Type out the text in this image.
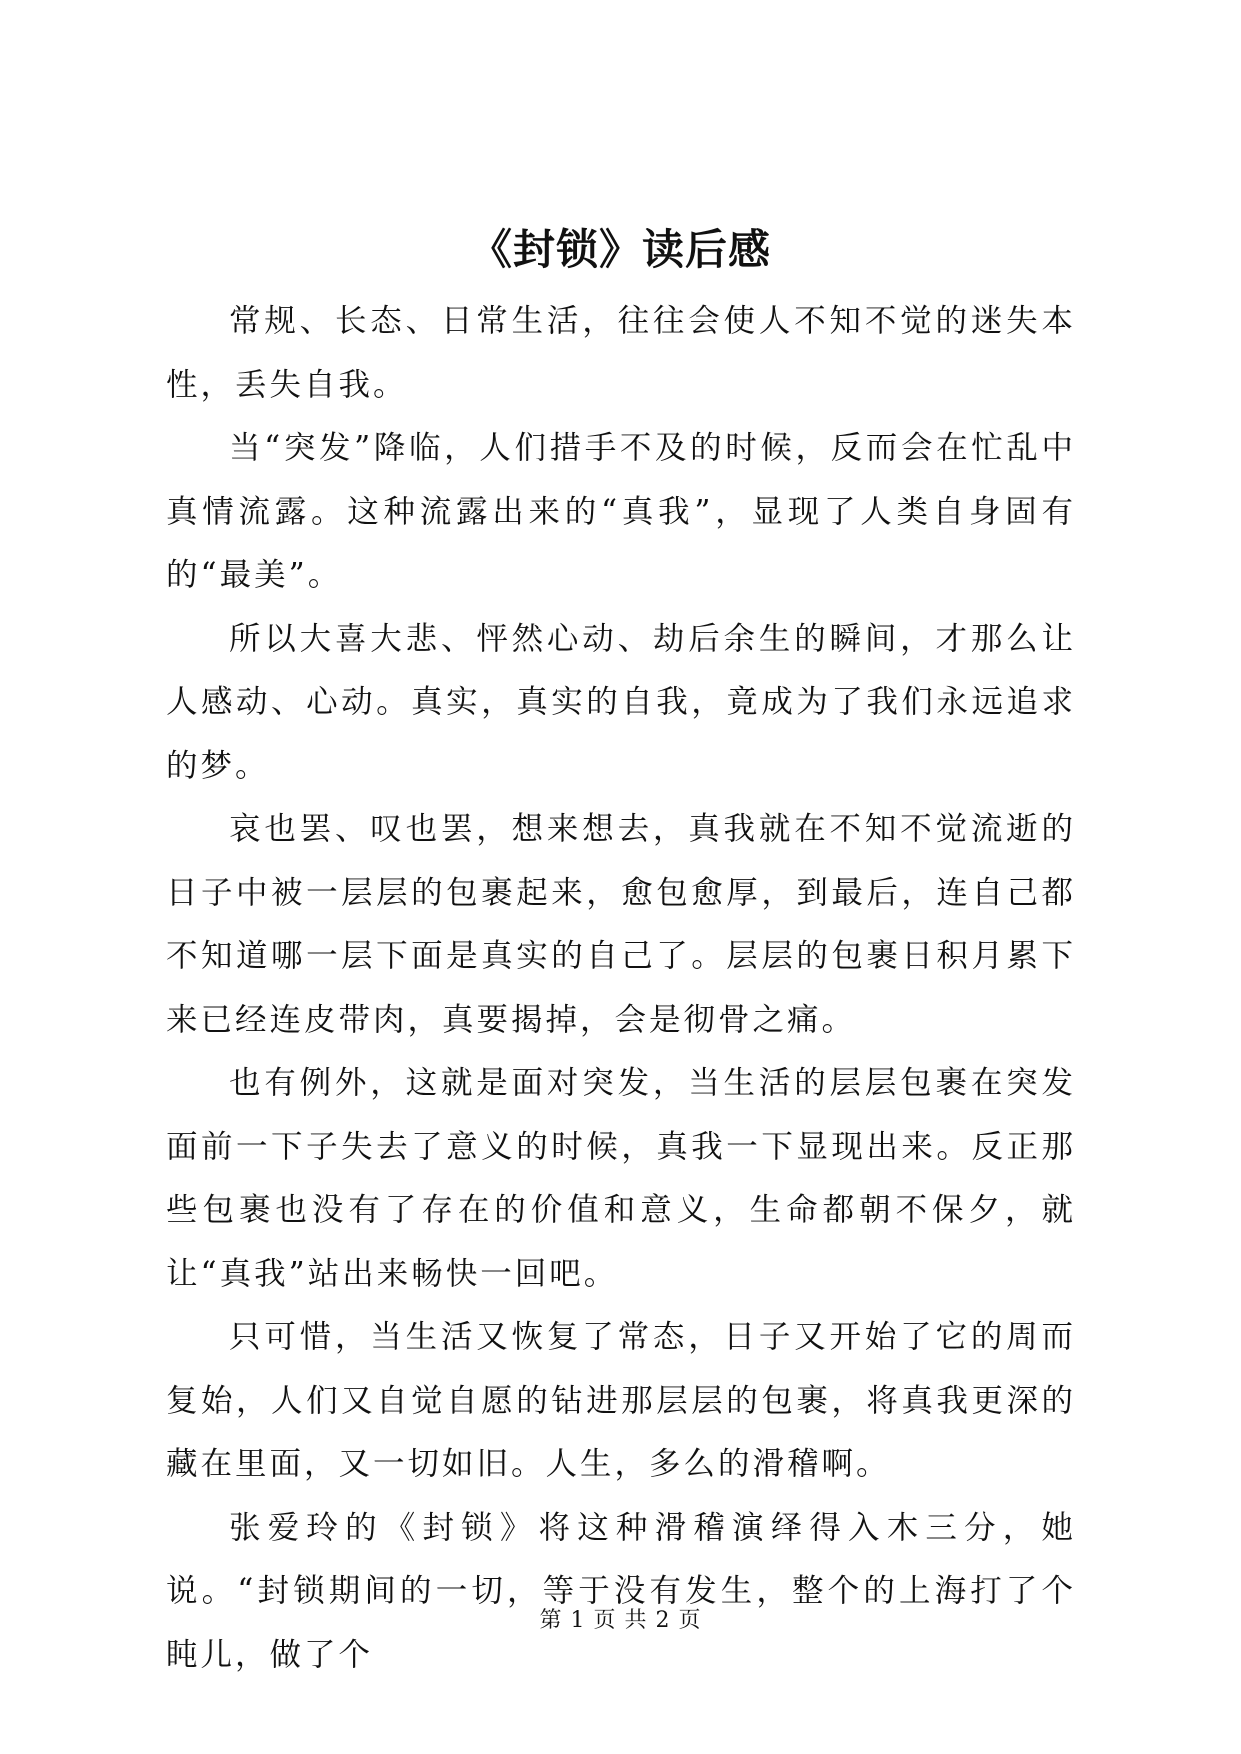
《封锁》读后感

常规、长态、日常生活，往往会使人不知不觉的迷失本性，丢失自我。

当“突发”降临，人们措手不及的时候，反而会在忙乱中真情流露。这种流露出来的“真我”，显现了人类自身固有的“最美”。

所以大喜大悲、怦然心动、劫后余生的瞬间，才那么让人感动、心动。真实，真实的自我，竟成为了我们永远追求的梦。

哀也罢、叹也罢，想来想去，真我就在不知不觉流逝的日子中被一层层的包裹起来，愈包愈厚，到最后，连自己都不知道哪一层下面是真实的自己了。层层的包裹日积月累下来已经连皮带肉，真要揭掉，会是彻骨之痛。

也有例外，这就是面对突发，当生活的层层包裹在突发面前一下子失去了意义的时候，真我一下显现出来。反正那些包裹也没有了存在的价值和意义，生命都朝不保夕，就让“真我”站出来畅快一回吧。

只可惜，当生活又恢复了常态，日子又开始了它的周而复始，人们又自觉自愿的钻进那层层的包裹，将真我更深的藏在里面，又一切如旧。人生，多么的滑稽啊。

张爱玲的《封锁》将这种滑稽演绎得入木三分，她说。“封锁期间的一切，等于没有发生，整个的上海打了个盹儿，做了个

第 1 页 共 2 页
